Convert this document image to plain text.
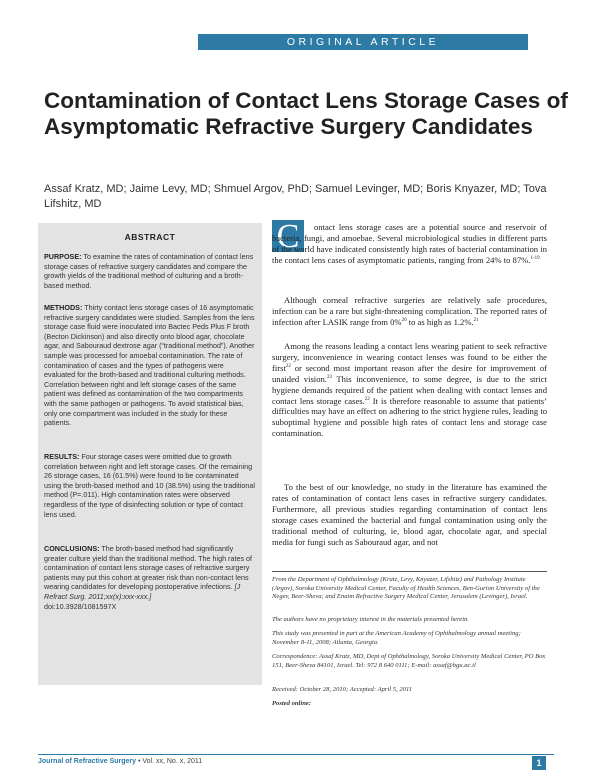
ORIGINAL ARTICLE
Contamination of Contact Lens Storage Cases of Asymptomatic Refractive Surgery Candidates
Assaf Kratz, MD; Jaime Levy, MD; Shmuel Argov, PhD; Samuel Levinger, MD; Boris Knyazer, MD; Tova Lifshitz, MD
ABSTRACT

PURPOSE: To examine the rates of contamination of contact lens storage cases of refractive surgery candidates and compare the growth yields of the traditional method of culturing and a broth-based method.

METHODS: Thirty contact lens storage cases of 16 asymptomatic refractive surgery candidates were studied. Samples from the lens storage case fluid were inoculated into Bactec Peds Plus F broth (Becton Dickinson) and also directly onto blood agar, chocolate agar, and Sabouraud dextrose agar (“traditional method”). Another sample was processed for amoebal contamination. The rate of contamination of cases and the types of pathogens were evaluated for the broth-based and traditional culturing methods. Correlation between right and left storage cases of the same patient was defined as contamination of the two compartments with the same pathogen or pathogens. To avoid statistical bias, only one compartment was included in the study for these patients.

RESULTS: Four storage cases were omitted due to growth correlation between right and left storage cases. Of the remaining 26 storage cases, 16 (61.5%) were found to be contaminated using the broth-based method and 10 (38.5%) using the traditional method (P=.011). High contamination rates were observed regardless of the type of disinfecting solution or type of contact lens used.

CONCLUSIONS: The broth-based method had significantly greater culture yield than the traditional method. The high rates of contamination of contact lens storage cases of refractive surgery patients may put this cohort at greater risk than non-contact lens wearing candidates for developing postoperative infections. [J Refract Surg. 2011;xx(x):xxx-xxx.]
doi:10.3928/1081597X

C	ontact lens storage cases are a potential source and reservoir of bacteria, fungi, and amoebae. Several microbiological studies in different parts of the world have indicated consistently high rates of bacterial contamination in the contact lens cases of asymptomatic patients, ranging from 24% to 87%.$^{1-19}$

Although corneal refractive surgeries are relatively safe procedures, infection can be a rare but sight-threatening complication. The reported rates of infection after LASIK range from 0%$^{20}$ to as high as 1.2%.$^{21}$

Among the reasons leading a contact lens wearing patient to seek refractive surgery, inconvenience in wearing contact lenses was found to be either the first$^{22}$ or second most important reason after the desire for improvement of unaided vision.$^{23}$ This inconvenience, to some degree, is due to the strict hygiene demands required of the patient when dealing with contact lenses and contact lens storage cases.$^{22}$ It is therefore reasonable to assume that patients’ difficulties may have an effect on adhering to the strict hygiene rules, leading to suboptimal hygiene and possible high rates of contact lens and storage case contamination.

To the best of our knowledge, no study in the literature has examined the rates of contamination of contact lens cases in refractive surgery candidates. Furthermore, all previous studies regarding contamination of contact lens storage cases examined the bacterial and fungal contamination using only the traditional method of culturing, ie, blood agar, chocolate agar, and special media for fungi such as Sabouraud agar, and not

From the Department of Ophthalmology (Kratz, Levy, Knyazer, Lifshitz) and Pathology Institute (Argov), Soroka University Medical Center, Faculty of Health Sciences, Ben-Gurion University of the Negev, Beer-Sheva; and Enaim Refractive Surgery Medical Center, Jerusalem (Levinger), Israel.

The authors have no proprietary interest in the materials presented herein.

This study was presented in part at the American Academy of Ophthalmology annual meeting; November 8-11, 2008; Atlanta, Georgia.

Correspondence: Assaf Kratz, MD, Dept of Ophthalmology, Soroka University Medical Center, PO Box 151, Beer-Sheva 84101, Israel. Tel: 972 8 640 0111; E-mail: assaf@bgu.ac.il

Received: October 28, 2010; Accepted: April 5, 2011

Posted online:

Journal of Refractive Surgery • Vol. xx, No. x, 2011	1
